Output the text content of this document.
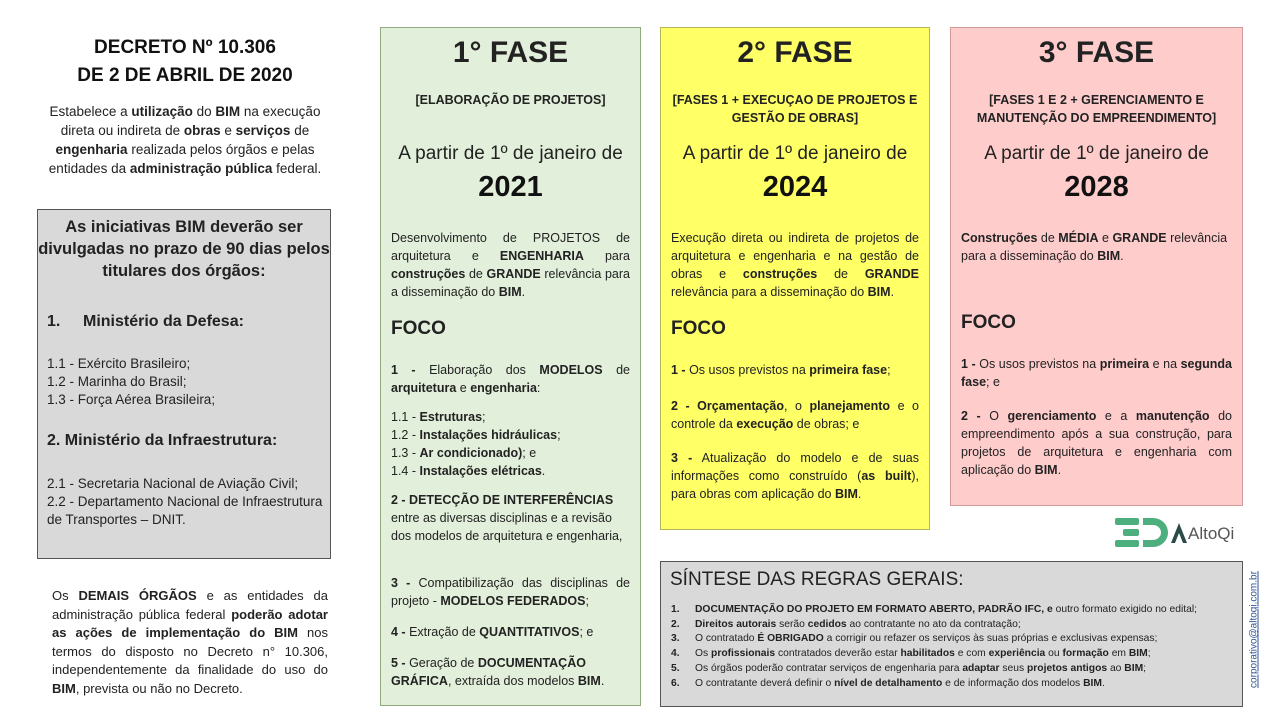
DECRETO Nº 10.306
DE 2 DE ABRIL DE 2020
Estabelece a utilização do BIM na execução direta ou indireta de obras e serviços de engenharia realizada pelos órgãos e pelas entidades da administração pública federal.
As iniciativas BIM deverão ser divulgadas no prazo de 90 dias pelos titulares dos órgãos:
1. Ministério da Defesa:
1.1 - Exército Brasileiro;
1.2 - Marinha do Brasil;
1.3 - Força Aérea Brasileira;
2. Ministério da Infraestrutura:
2.1 - Secretaria Nacional de Aviação Civil;
2.2 - Departamento Nacional de Infraestrutura de Transportes – DNIT.
Os DEMAIS ÓRGÃOS e as entidades da administração pública federal poderão adotar as ações de implementação do BIM nos termos do disposto no Decreto n° 10.306, independentemente da finalidade do uso do BIM, prevista ou não no Decreto.
1° FASE
[ELABORAÇÃO DE PROJETOS]
A partir de 1º de janeiro de
2021
Desenvolvimento de PROJETOS de arquitetura e ENGENHARIA para construções de GRANDE relevância para a disseminação do BIM.
FOCO
1 - Elaboração dos MODELOS de arquitetura e engenharia:
1.1 - Estruturas;
1.2 - Instalações hidráulicas;
1.3 - Ar condicionado); e
1.4 - Instalações elétricas.
2 - DETECÇÃO DE INTERFERÊNCIAS
entre as diversas disciplinas e a revisão dos modelos de arquitetura e engenharia,
3 - Compatibilização das disciplinas de projeto - MODELOS FEDERADOS;
4 - Extração de QUANTITATIVOS; e
5 - Geração de DOCUMENTAÇÃO GRÁFICA, extraída dos modelos BIM.
2° FASE
[FASES 1 + EXECUÇAO DE PROJETOS E GESTÃO DE OBRAS]
A partir de 1º de janeiro de
2024
Execução direta ou indireta de projetos de arquitetura e engenharia e na gestão de obras e construções de GRANDE relevância para a disseminação do BIM.
FOCO
1 - Os usos previstos na primeira fase;
2 - Orçamentação, o planejamento e o controle da execução de obras; e
3 - Atualização do modelo e de suas informações como construído (as built), para obras com aplicação do BIM.
3° FASE
[FASES 1 E 2 + GERENCIAMENTO E MANUTENÇÃO DO EMPREENDIMENTO]
A partir de 1º de janeiro de
2028
Construções de MÉDIA e GRANDE relevância para a disseminação do BIM.
FOCO
1 - Os usos previstos na primeira e na segunda fase; e
2 - O gerenciamento e a manutenção do empreendimento após a sua construção, para projetos de arquitetura e engenharia com aplicação do BIM.
AltoQi
SÍNTESE DAS REGRAS GERAIS:
1. DOCUMENTAÇÃO DO PROJETO EM FORMATO ABERTO, PADRÃO IFC, e outro formato exigido no edital;
2. Direitos autorais serão cedidos ao contratante no ato da contratação;
3. O contratado É OBRIGADO a corrigir ou refazer os serviços às suas próprias e exclusivas expensas;
4. Os profissionais contratados deverão estar habilitados e com experiência ou formação em BIM;
5. Os órgãos poderão contratar serviços de engenharia para adaptar seus projetos antigos ao BIM;
6. O contratante deverá definir o nível de detalhamento e de informação dos modelos BIM.	corporativo@altoqi.com.br
